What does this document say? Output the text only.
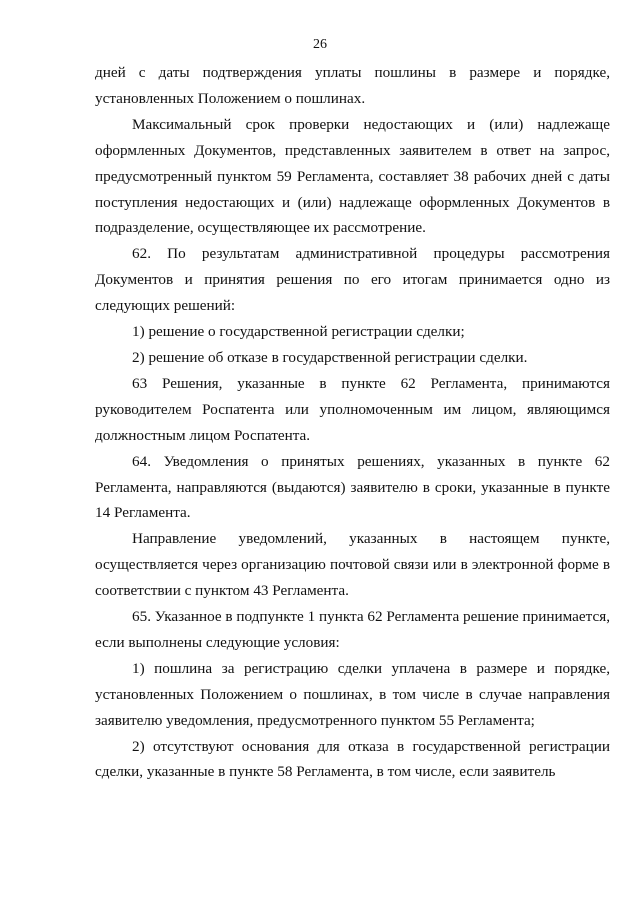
26

дней с даты подтверждения уплаты пошлины в размере и порядке, установленных Положением о пошлинах.

Максимальный срок проверки недостающих и (или) надлежаще оформленных Документов, представленных заявителем в ответ на запрос, предусмотренный пунктом 59 Регламента, составляет 38 рабочих дней с даты поступления недостающих и (или) надлежаще оформленных Документов в подразделение, осуществляющее их рассмотрение.

62. По результатам административной процедуры рассмотрения Документов и принятия решения по его итогам принимается одно из следующих решений:

1) решение о государственной регистрации сделки;

2) решение об отказе в государственной регистрации сделки.

63 Решения, указанные в пункте 62 Регламента, принимаются руководителем Роспатента или уполномоченным им лицом, являющимся должностным лицом Роспатента.

64. Уведомления о принятых решениях, указанных в пункте 62 Регламента, направляются (выдаются) заявителю в сроки, указанные в пункте 14 Регламента.

Направление уведомлений, указанных в настоящем пункте, осуществляется через организацию почтовой связи или в электронной форме в соответствии с пунктом 43 Регламента.

65. Указанное в подпункте 1 пункта 62 Регламента решение принимается, если выполнены следующие условия:

1) пошлина за регистрацию сделки уплачена в размере и порядке, установленных Положением о пошлинах, в том числе в случае направления заявителю уведомления, предусмотренного пунктом 55 Регламента;

2) отсутствуют основания для отказа в государственной регистрации сделки, указанные в пункте 58 Регламента, в том числе, если заявитель
